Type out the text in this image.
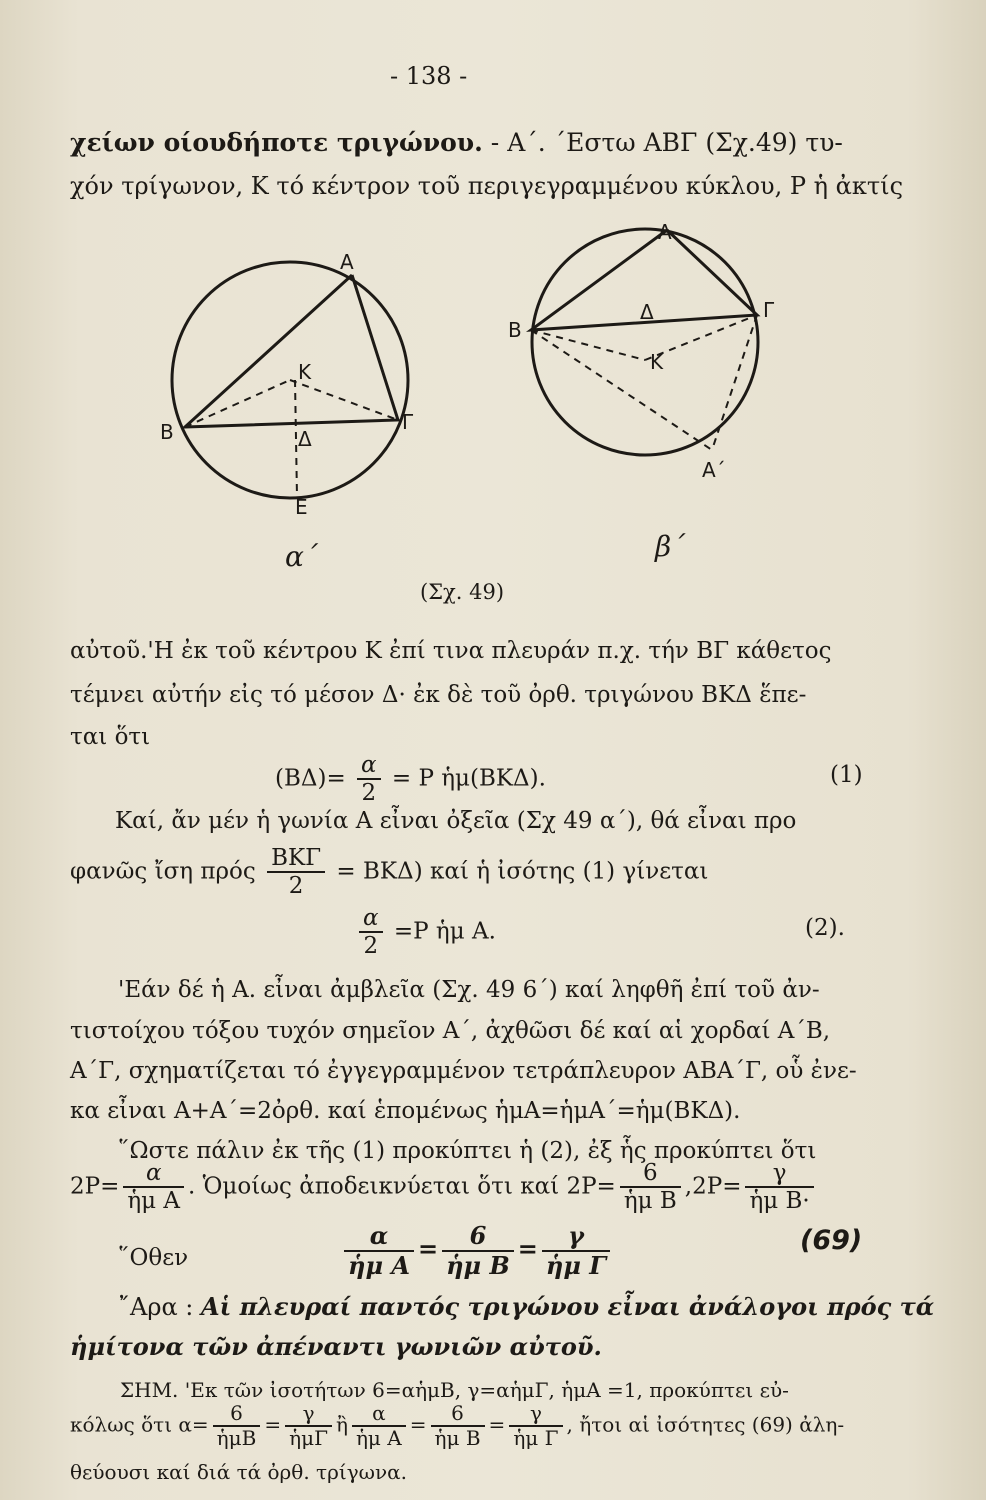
- 138 -
χείων οίουδήποτε τριγώνου. - Α΄. ΄Εστω ΑΒΓ (Σχ.49) τυ-
χόν τρίγωνον, Κ τό κέντρον τοῦ περιγεγραμμένου κύκλου, Ρ ἡ ἀκτίς
Α
Β	Γ
Κ
Δ
Ε
α΄
Α
Β
Γ
Δ
Κ
Α΄
β΄
(Σχ. 49)
αὐτοῦ.'Η ἐκ τοῦ κέντρου Κ ἐπί τινα πλευράν π.χ. τήν ΒΓ κάθετος
τέμνει αὐτήν εἰς τό μέσον Δ· ἐκ δὲ τοῦ ὀρθ. τριγώνου ΒΚΔ ἕπε-
ται ὅτι
$(B\Delta)= \frac{\alpha}{2} = P$ ἡμ(ΒΚΔ).	(1)
Καί, ἄν μέν ἡ γωνία Α εἶναι ὀξεῖα (Σχ 49 α΄), θά εἶναι προ
φανῶς ἴση πρός $\frac{\text{ΒΚΓ}}{2} = BK\Delta$) καί ἡ ἰσότης (1) γίνεται
$\frac{\alpha}{2} =P$ ἡμ Α.	(2).
'Εάν δέ ἡ Α. εἶναι ἀμβλεῖα (Σχ. 49 6΄) καί ληφθῆ ἐπί τοῦ ἀν-
τιστοίχου τόξου τυχόν σημεῖον Α΄, ἀχθῶσι δέ καί αἱ χορδαί Α΄Β,
Α΄Γ, σχηματίζεται τό ἐγγεγραμμένον τετράπλευρον ΑΒΑ΄Γ, οὗ ἐνε-
κα εἶναι Α+Α΄=2ὀρθ. καί ἑπομένως ἡμΑ=ἡμΑ΄=ἡμ(ΒΚΔ).
῞Ωστε πάλιν ἐκ τῆς (1) προκύπτει ἡ (2), ἐξ ἧς προκύπτει ὅτι
$2P= \frac{\alpha}{\text{ἡμ Α}}$ . Ὁμοίως ἀποδεικνύεται ὅτι καί $2P= \frac{6}{\text{ἡμ Β}} ,2P= \frac{\gamma}{\text{ἡμ Β·}}$
῞Οθεν	$\frac{\alpha}{\text{ἡμ Α}} = \frac{6}{\text{ἡμ Β}} = \frac{\gamma}{\text{ἡμ Γ}}$	(69)
῎Αρα : Αἱ πλευραί παντός τριγώνου εἶναι ἀνάλογοι πρός τά
ἡμίτονα τῶν ἀπέναντι γωνιῶν αὐτοῦ.
ΣΗΜ. 'Εκ τῶν ἰσοτήτων 6=αἡμΒ, γ=αἡμΓ, ἡμΑ =1, προκύπτει εὐ-
κόλως ὅτι $\alpha= \frac{6}{\text{ἡμΒ}} = \frac{\gamma}{\text{ἡμΓ}}$ ἢ $\frac{\alpha}{\text{ἡμ Α}} = \frac{6}{\text{ἡμ Β}} = \frac{\gamma}{\text{ἡμ Γ}}$ , ἤτοι αἱ ἰσότητες (69) ἀλη-
θεύουσι καί διά τά ὀρθ. τρίγωνα.
